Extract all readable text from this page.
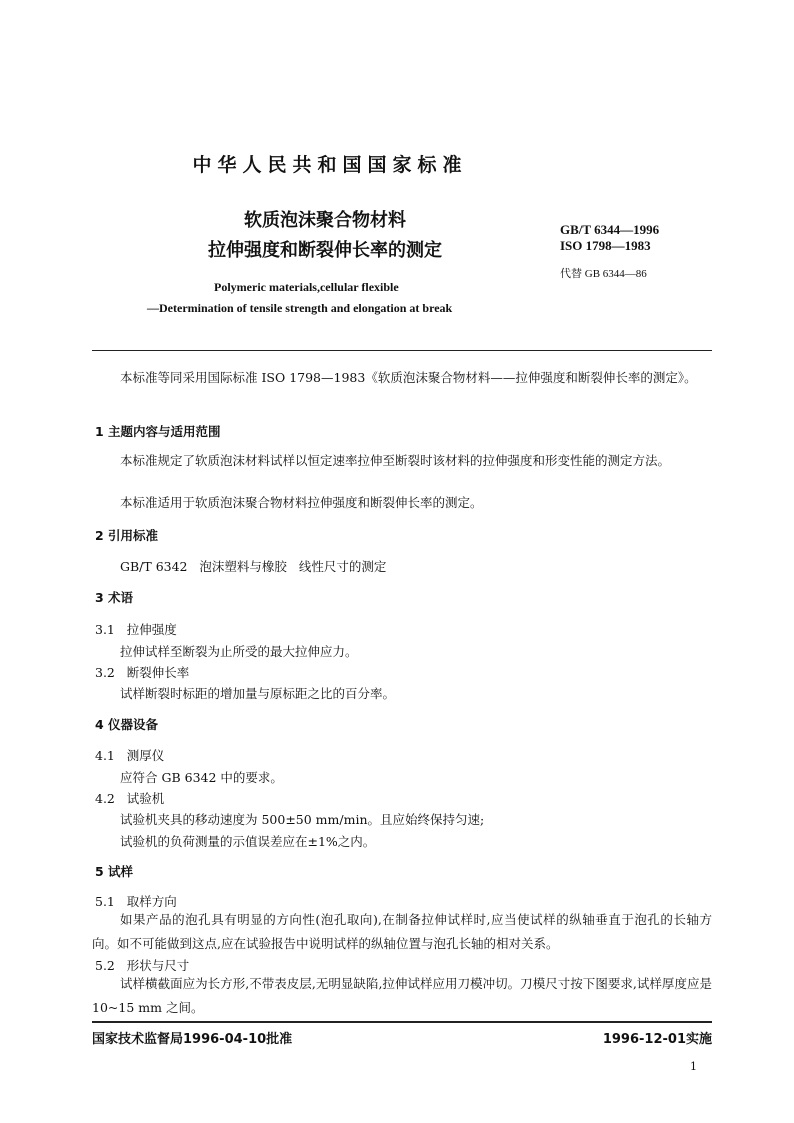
中华人民共和国国家标准
软质泡沫聚合物材料
拉伸强度和断裂伸长率的测定
Polymeric materials,cellular flexible
—Determination of tensile strength and elongation at break
GB/T 6344—1996
ISO 1798—1983
代替 GB 6344—86
本标准等同采用国际标准 ISO 1798—1983《软质泡沫聚合物材料——拉伸强度和断裂伸长率的测定》。
1 主题内容与适用范围
本标准规定了软质泡沫材料试样以恒定速率拉伸至断裂时该材料的拉伸强度和形变性能的测定方法。
本标准适用于软质泡沫聚合物材料拉伸强度和断裂伸长率的测定。
2 引用标准
GB/T 6342   泡沫塑料与橡胶   线性尺寸的测定
3 术语
3.1   拉伸强度
拉伸试样至断裂为止所受的最大拉伸应力。
3.2   断裂伸长率
试样断裂时标距的增加量与原标距之比的百分率。
4 仪器设备
4.1   测厚仪
应符合 GB 6342 中的要求。
4.2   试验机
试验机夹具的移动速度为 500±50 mm/min。且应始终保持匀速;
试验机的负荷测量的示值误差应在±1%之内。
5 试样
5.1   取样方向
如果产品的泡孔具有明显的方向性(泡孔取向),在制备拉伸试样时,应当使试样的纵轴垂直于泡孔的长轴方向。如不可能做到这点,应在试验报告中说明试样的纵轴位置与泡孔长轴的相对关系。
5.2   形状与尺寸
试样横截面应为长方形,不带表皮层,无明显缺陷,拉伸试样应用刀模冲切。刀模尺寸按下图要求,试样厚度应是 10~15 mm 之间。
国家技术监督局1996-04-10批准	1996-12-01实施
1
